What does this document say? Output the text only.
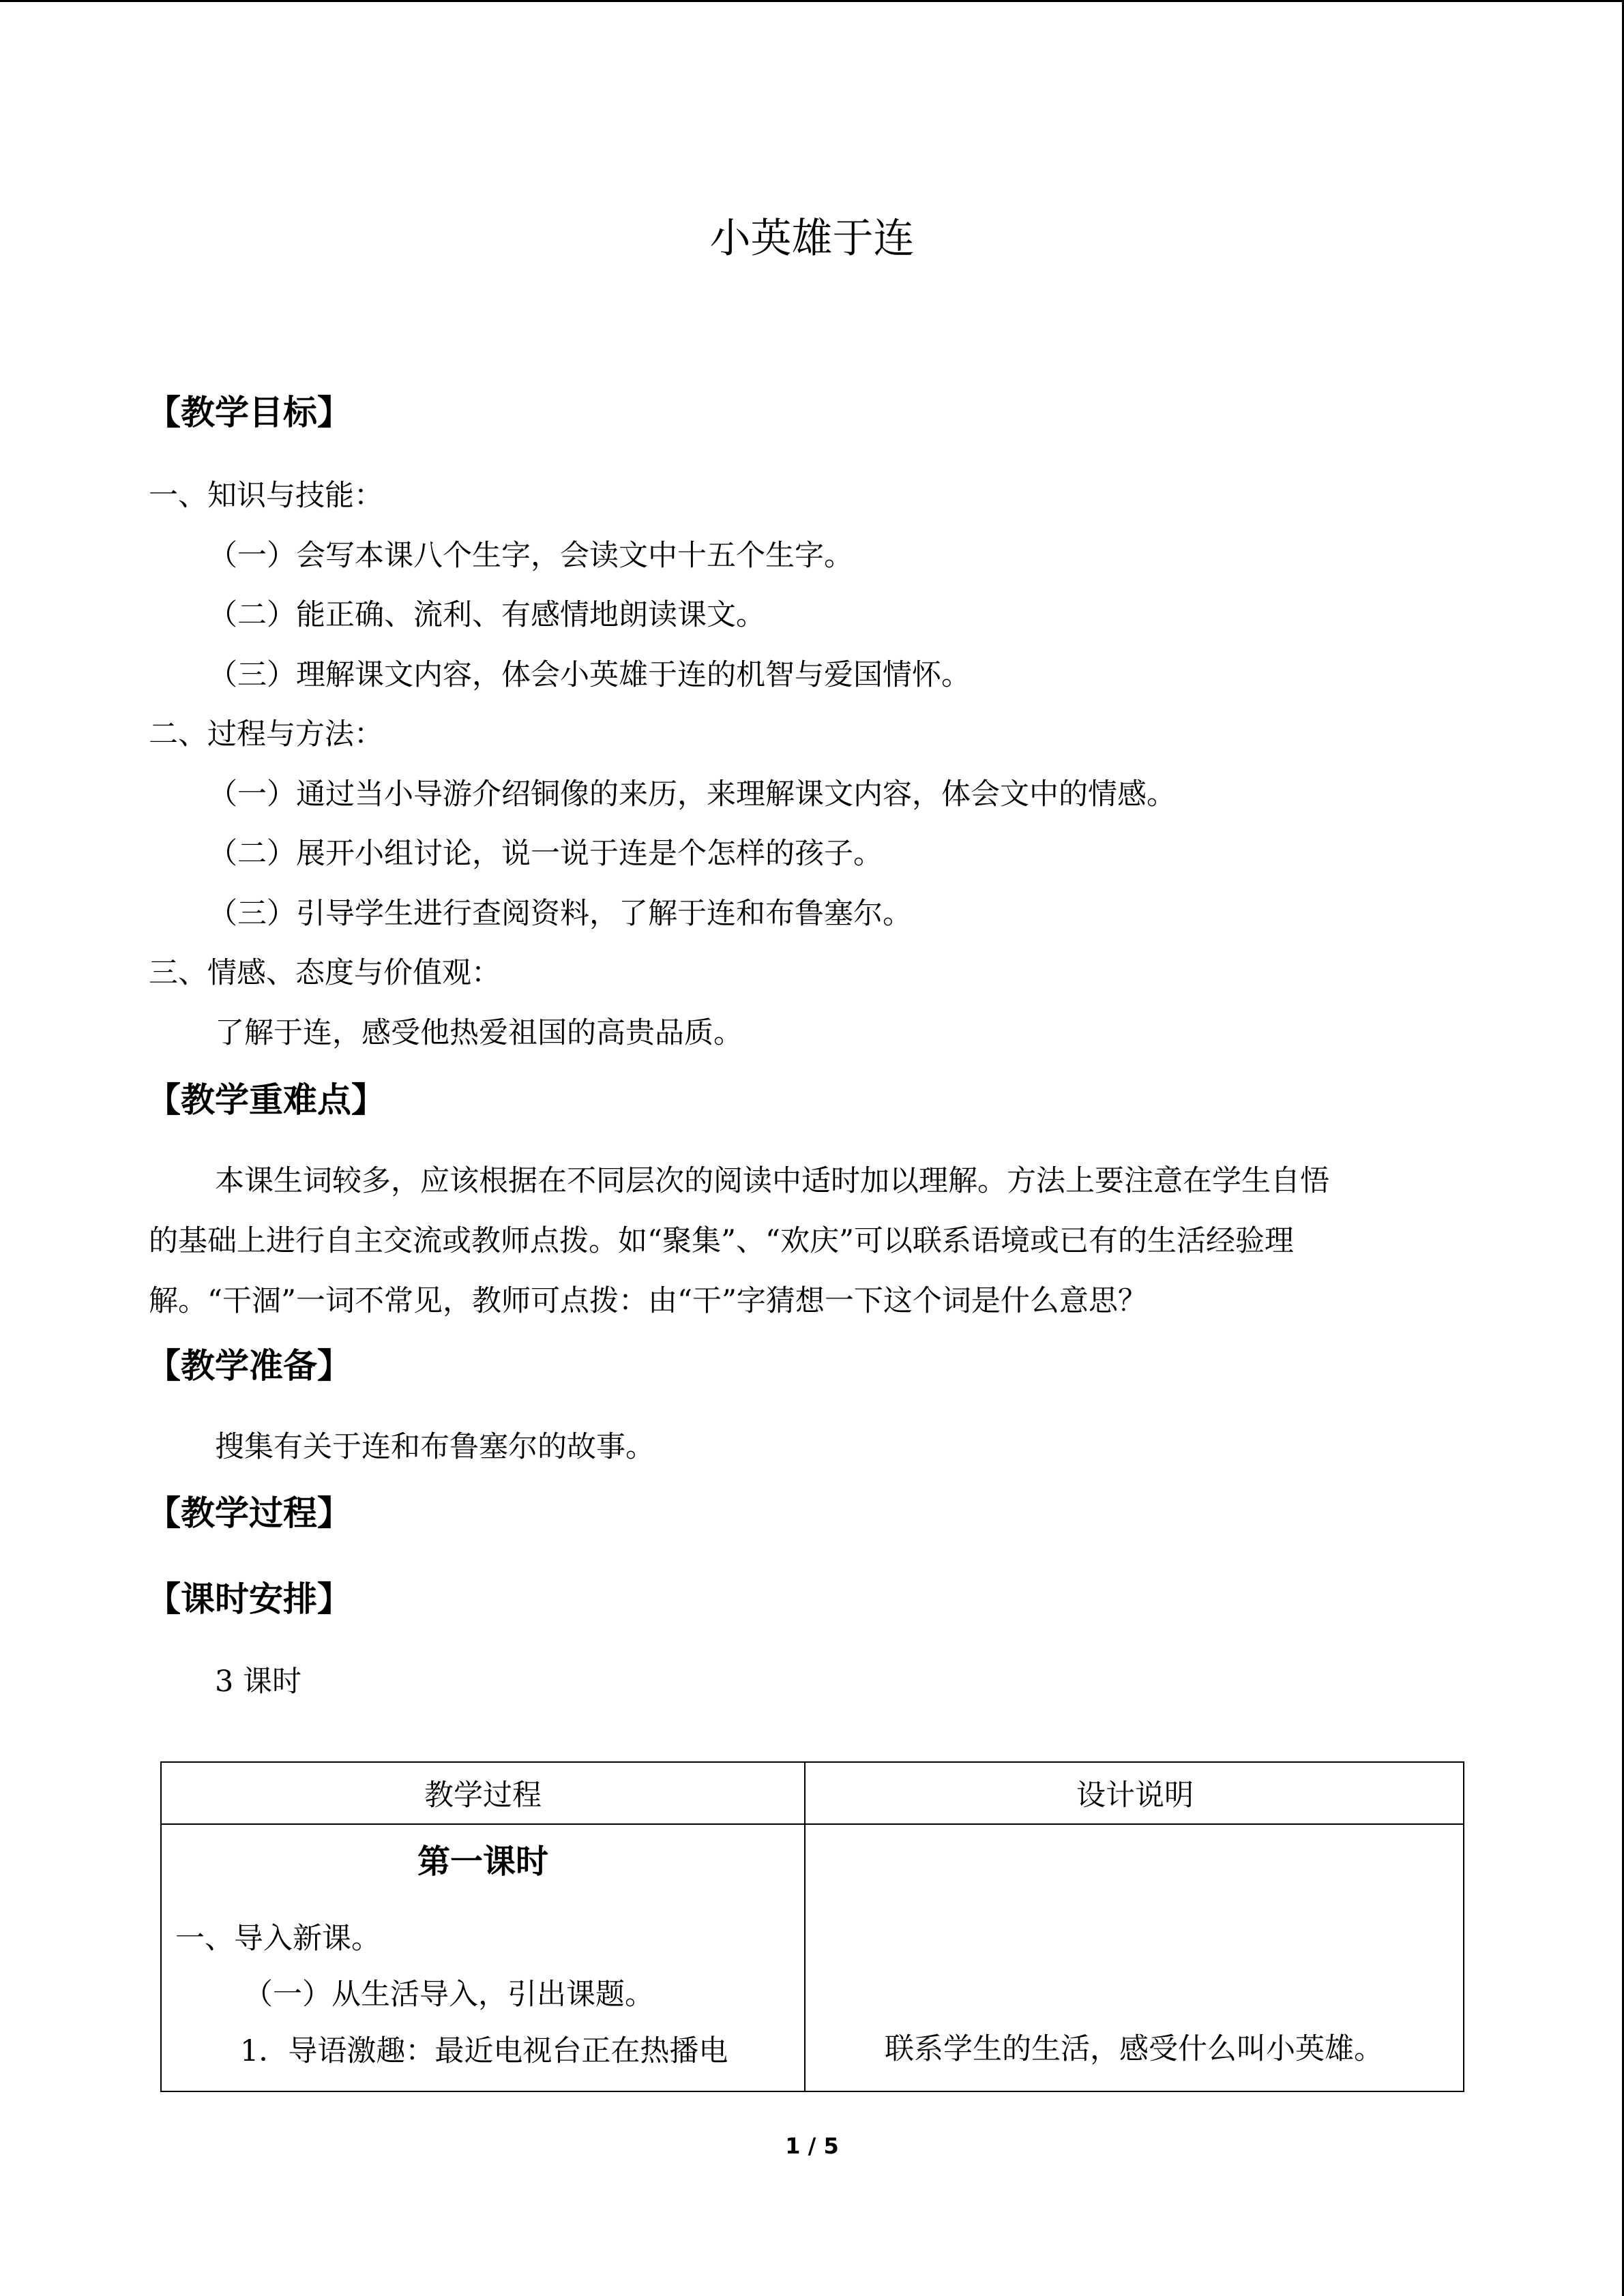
小英雄于连
【教学目标】
一、知识与技能：
（一）会写本课八个生字，会读文中十五个生字。
（二）能正确、流利、有感情地朗读课文。
（三）理解课文内容，体会小英雄于连的机智与爱国情怀。
二、过程与方法：
（一）通过当小导游介绍铜像的来历，来理解课文内容，体会文中的情感。
（二）展开小组讨论，说一说于连是个怎样的孩子。
（三）引导学生进行查阅资料，了解于连和布鲁塞尔。
三、情感、态度与价值观：
了解于连，感受他热爱祖国的高贵品质。
【教学重难点】
本课生词较多，应该根据在不同层次的阅读中适时加以理解。方法上要注意在学生自悟
的基础上进行自主交流或教师点拨。如“聚集”、“欢庆”可以联系语境或已有的生活经验理
解。“干涸”一词不常见，教师可点拨：由“干”字猜想一下这个词是什么意思？
【教学准备】
搜集有关于连和布鲁塞尔的故事。
【教学过程】
【课时安排】
3 课时
教学过程	设计说明
第一课时
一、导入新课。
（一）从生活导入，引出课题。
1．导语激趣：最近电视台正在热播电	联系学生的生活，感受什么叫小英雄。
1 / 5
